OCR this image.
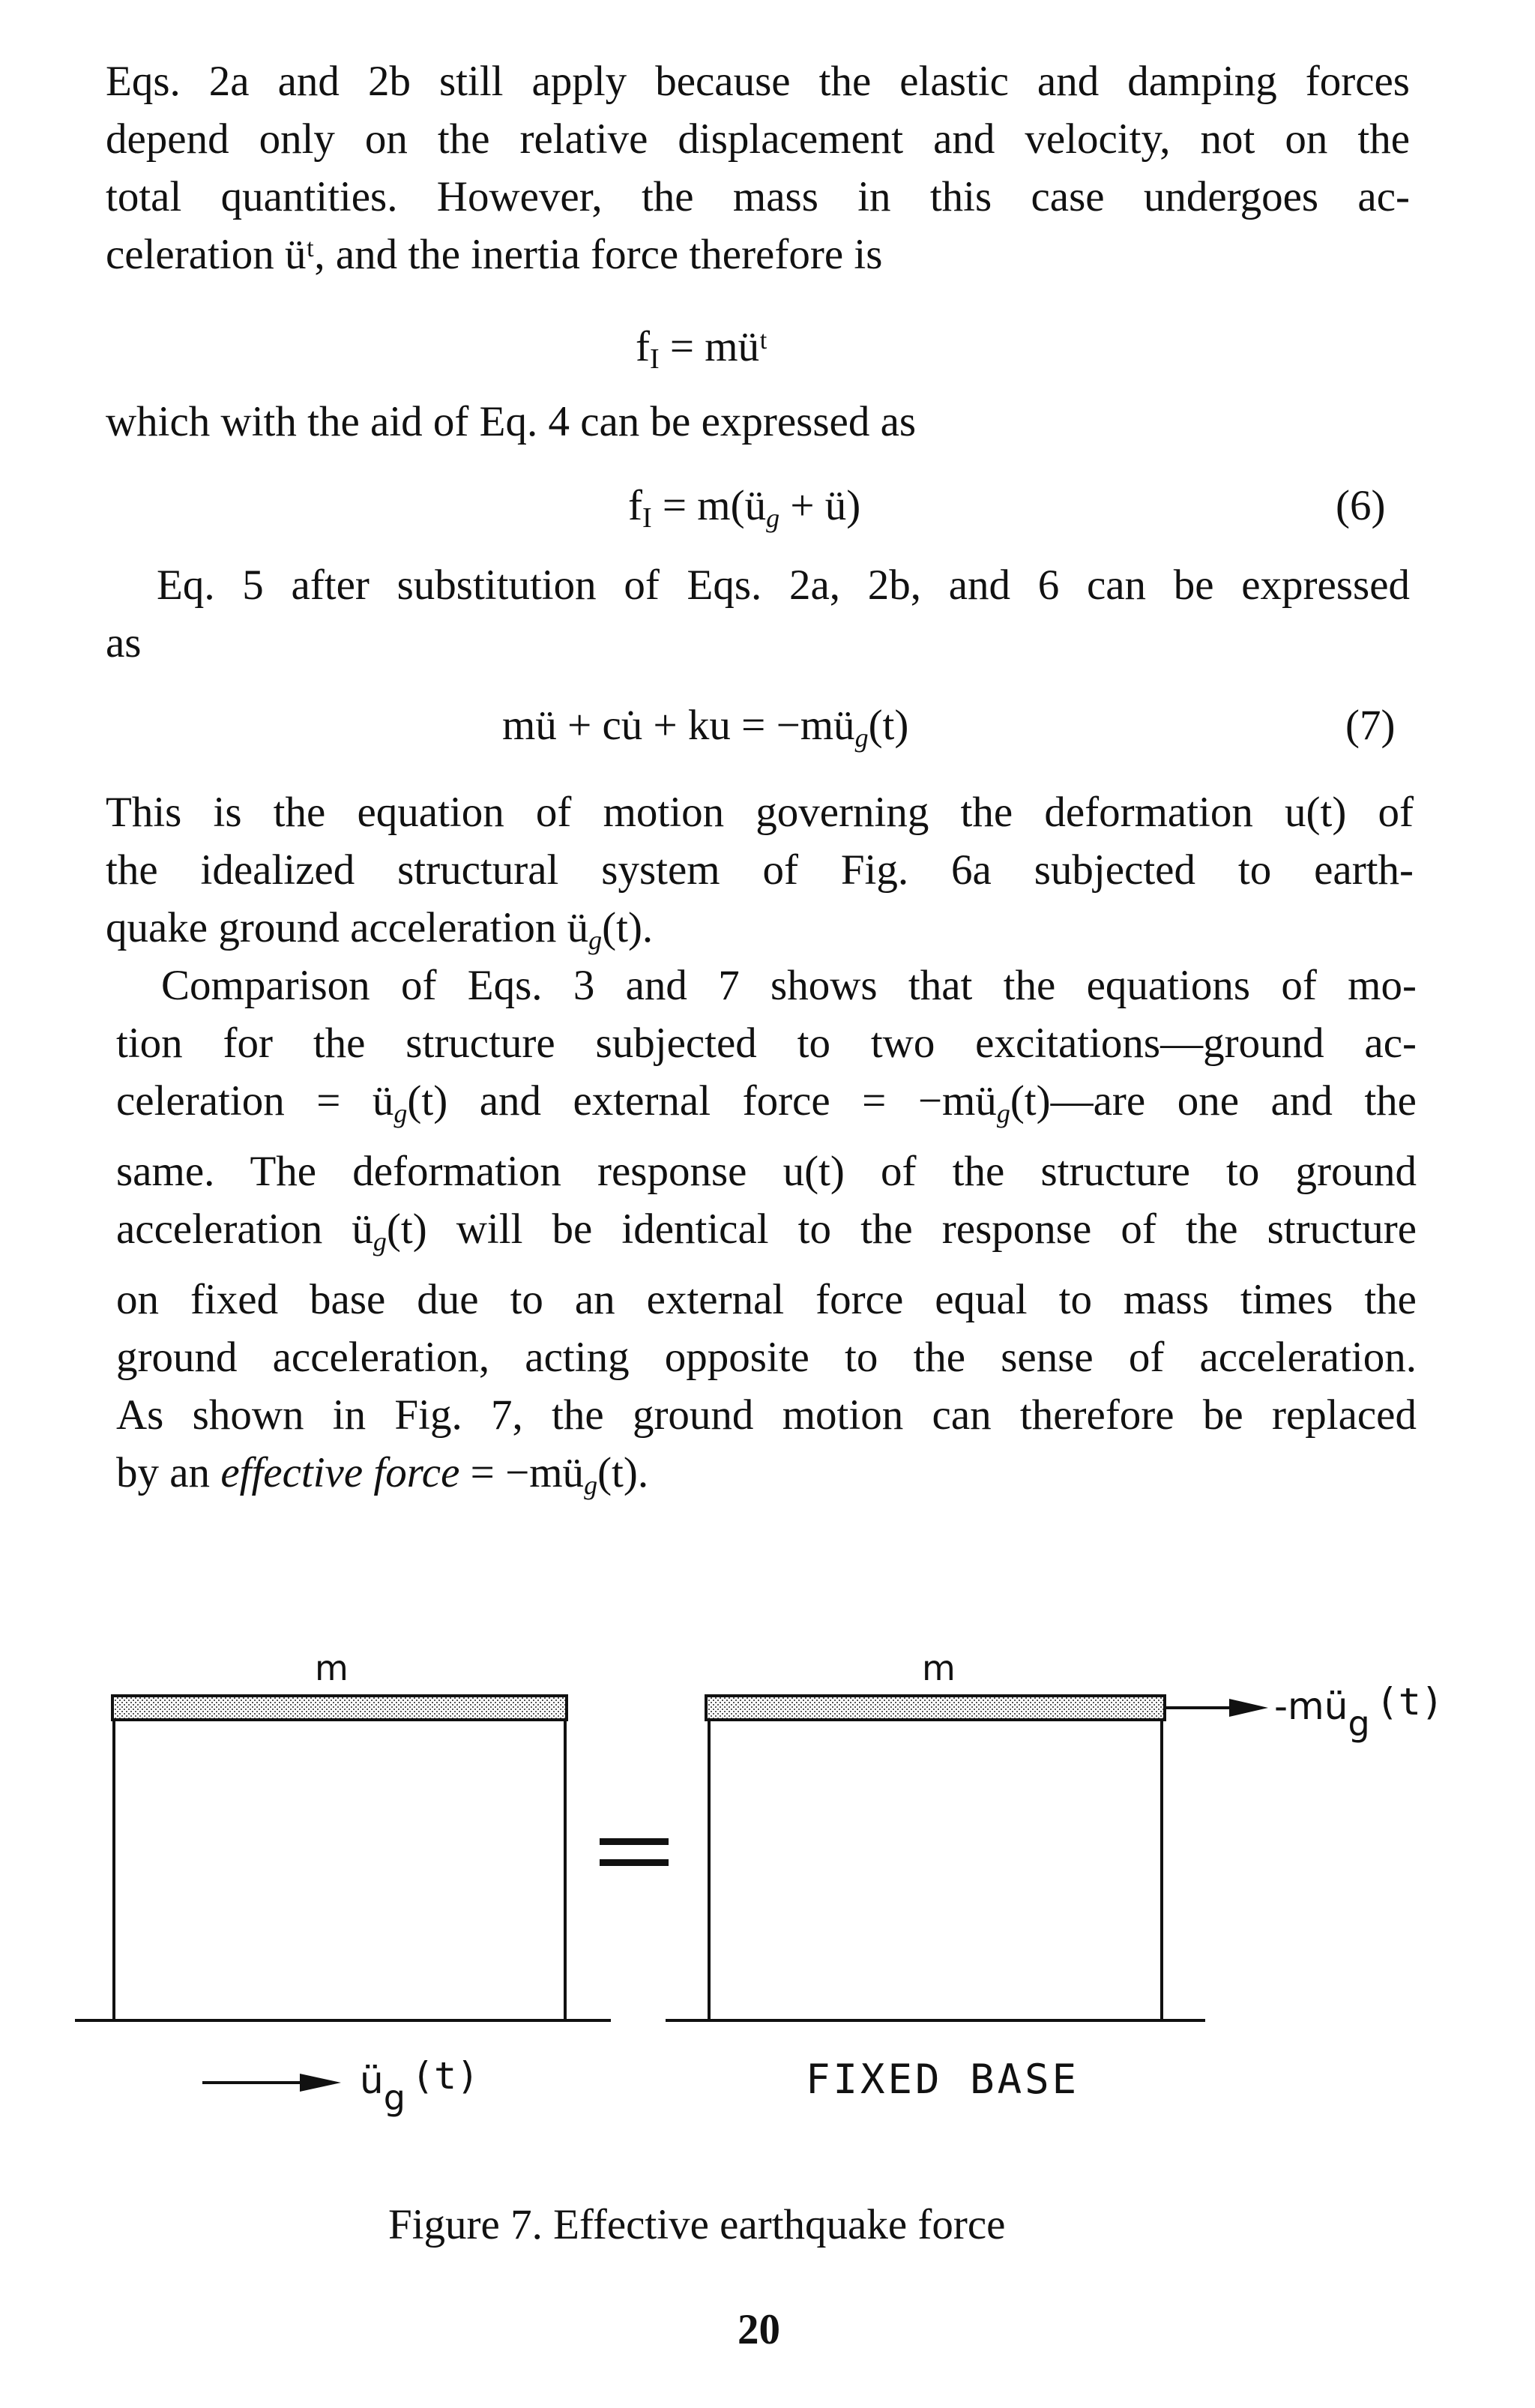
Eqs. 2a and 2b still apply because the elastic and damping forces
depend only on the relative displacement and velocity, not on the
total quantities. However, the mass in this case undergoes ac-
celeration üᵗ, and the inertia force therefore is
$f_I$ = müᵗ
which with the aid of Eq. 4 can be expressed as
$f_I$ = $m(ü_g$ + ü)	(6)
Eq. 5 after substitution of Eqs. 2a, 2b, and 6 can be expressed
as
mü + cu̇ + ku = $-mü_g(t)$	(7)
This is the equation of motion governing the deformation u(t) of
the idealized structural system of Fig. 6a subjected to earth-
quake ground acceleration $ü_g(t)$.
Comparison of Eqs. 3 and 7 shows that the equations of mo-
tion for the structure subjected to two excitations—ground ac-
celeration = $ü_g(t)$ and external force = $-mü_g(t)—are$ one and the
same. The deformation response u(t) of the structure to ground
acceleration $ü_g(t)$ will be identical to the response of the structure
on fixed base due to an external force equal to mass times the
ground acceleration, acting opposite to the sense of acceleration.
As shown in Fig. 7, the ground motion can therefore be replaced
by an effective force = $-mü_g(t)$.
m	m
$-mü_g$ (t)
$ü_g$ (t)	FIXED BASE
Figure 7. Effective earthquake force
20
